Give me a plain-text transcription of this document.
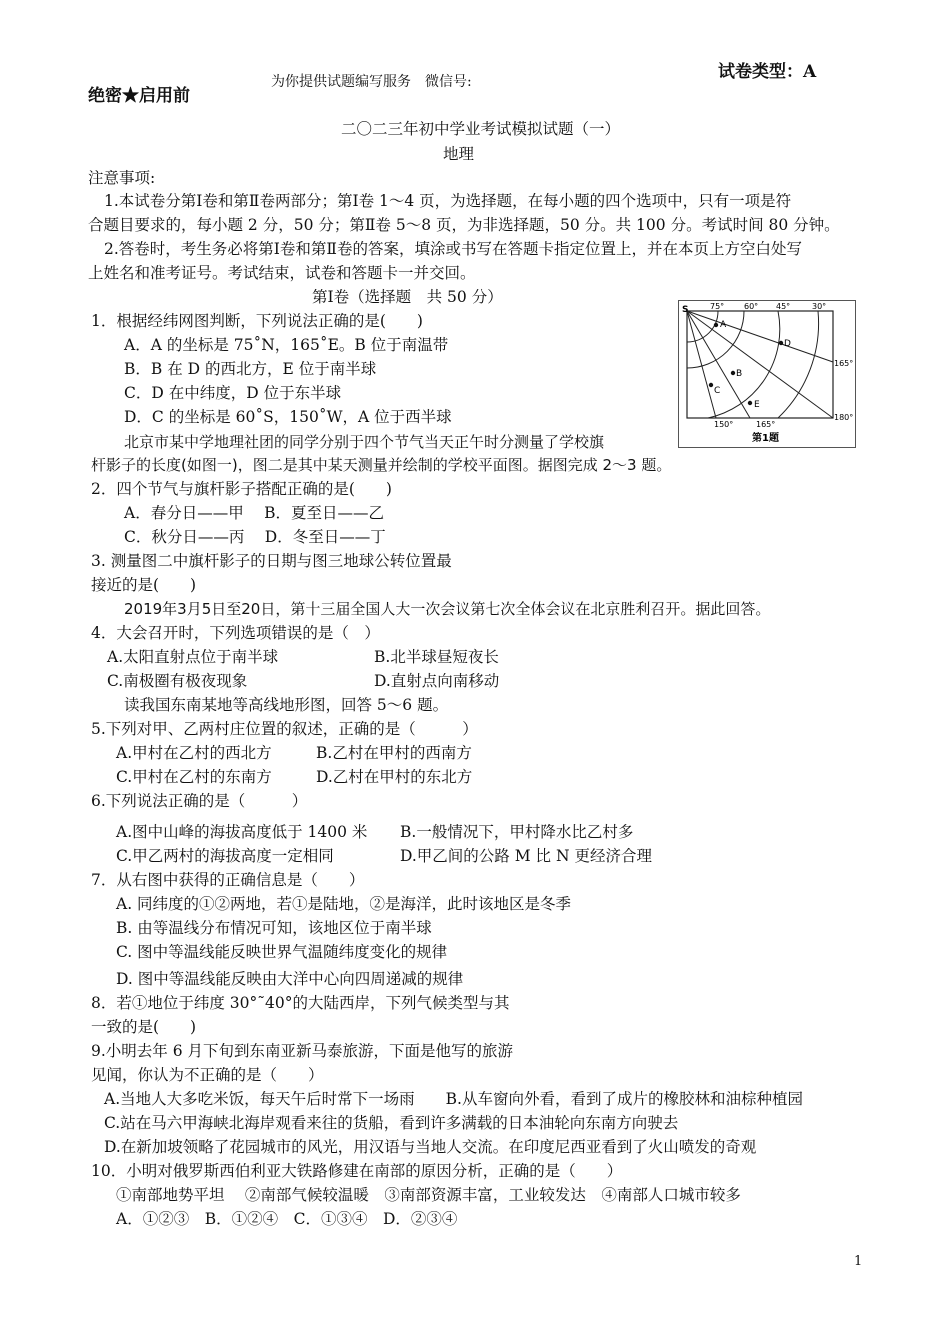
绝密★启用前
为你提供试题编写服务　微信号:	试卷类型：A
二〇二三年初中学业考试模拟试题（一）
地理
注意事项:
1.本试卷分第Ⅰ卷和第Ⅱ卷两部分；第Ⅰ卷 1～4 页，为选择题，在每小题的四个选项中，只有一项是符
合题目要求的，每小题 2 分，50 分；第Ⅱ卷 5～8 页，为非选择题，50 分。共 100 分。考试时间 80 分钟。
2.答卷时，考生务必将第Ⅰ卷和第Ⅱ卷的答案，填涂或书写在答题卡指定位置上，并在本页上方空白处写
上姓名和准考证号。考试结束，试卷和答题卡一并交回。
第Ⅰ卷（选择题　共 50 分）
A
D
B
C
E
S	75° 60° 45°	30°
165°
180°
150°	165°
第1题
1．根据经纬网图判断，下列说法正确的是(　　)
A．A 的坐标是 75˚N，165˚E。B 位于南温带
B．B 在 D 的西北方，E 位于南半球
C．D 在中纬度，D 位于东半球
D．C 的坐标是 60˚S，150˚W，A 位于西半球
北京市某中学地理社团的同学分别于四个节气当天正午时分测量了学校旗
杆影子的长度(如图一)，图二是其中某天测量并绘制的学校平面图。据图完成 2～3 题。
2．四个节气与旗杆影子搭配正确的是(　　)
A．春分日——甲　 B．夏至日——乙
C．秋分日——丙　 D．冬至日——丁
3. 测量图二中旗杆影子的日期与图三地球公转位置最
接近的是(　　)
2019年3月5日至20日，第十三届全国人大一次会议第七次全体会议在北京胜利召开。据此回答。
4．大会召开时，下列选项错误的是（　）
A.太阳直射点位于南半球	B.北半球昼短夜长
C.南极圈有极夜现象	D.直射点向南移动
读我国东南某地等高线地形图，回答 5～6 题。
5.下列对甲、乙两村庄位置的叙述，正确的是（　　　）
A.甲村在乙村的西北方	B.乙村在甲村的西南方
C.甲村在乙村的东南方	D.乙村在甲村的东北方
6.下列说法正确的是（　　　）
A.图中山峰的海拔高度低于 1400 米 B.一般情况下，甲村降水比乙村多
C.甲乙两村的海拔高度一定相同	D.甲乙间的公路 M 比 N 更经济合理
7．从右图中获得的正确信息是（　　）
A. 同纬度的①②两地，若①是陆地，②是海洋，此时该地区是冬季
B. 由等温线分布情况可知，该地区位于南半球
C. 图中等温线能反映世界气温随纬度变化的规律
D. 图中等温线能反映由大洋中心向四周递减的规律
8．若①地位于纬度 30°˜40°的大陆西岸，下列气候类型与其
一致的是(　　)
9.小明去年 6 月下旬到东南亚新马泰旅游，下面是他写的旅游
见闻，你认为不正确的是（　　）
A.当地人大多吃米饭，每天午后时常下一场雨　　B.从车窗向外看，看到了成片的橡胶林和油棕种植园
C.站在马六甲海峡北海岸观看来往的货船，看到许多满载的日本油轮向东南方向驶去
D.在新加坡领略了花园城市的风光，用汉语与当地人交流。在印度尼西亚看到了火山喷发的奇观
10．小明对俄罗斯西伯利亚大铁路修建在南部的原因分析，正确的是（　　）
①南部地势平坦　 ②南部气候较温暖　③南部资源丰富，工业较发达　④南部人口城市较多
A．①②③　B．①②④　C．①③④　D．②③④
1
